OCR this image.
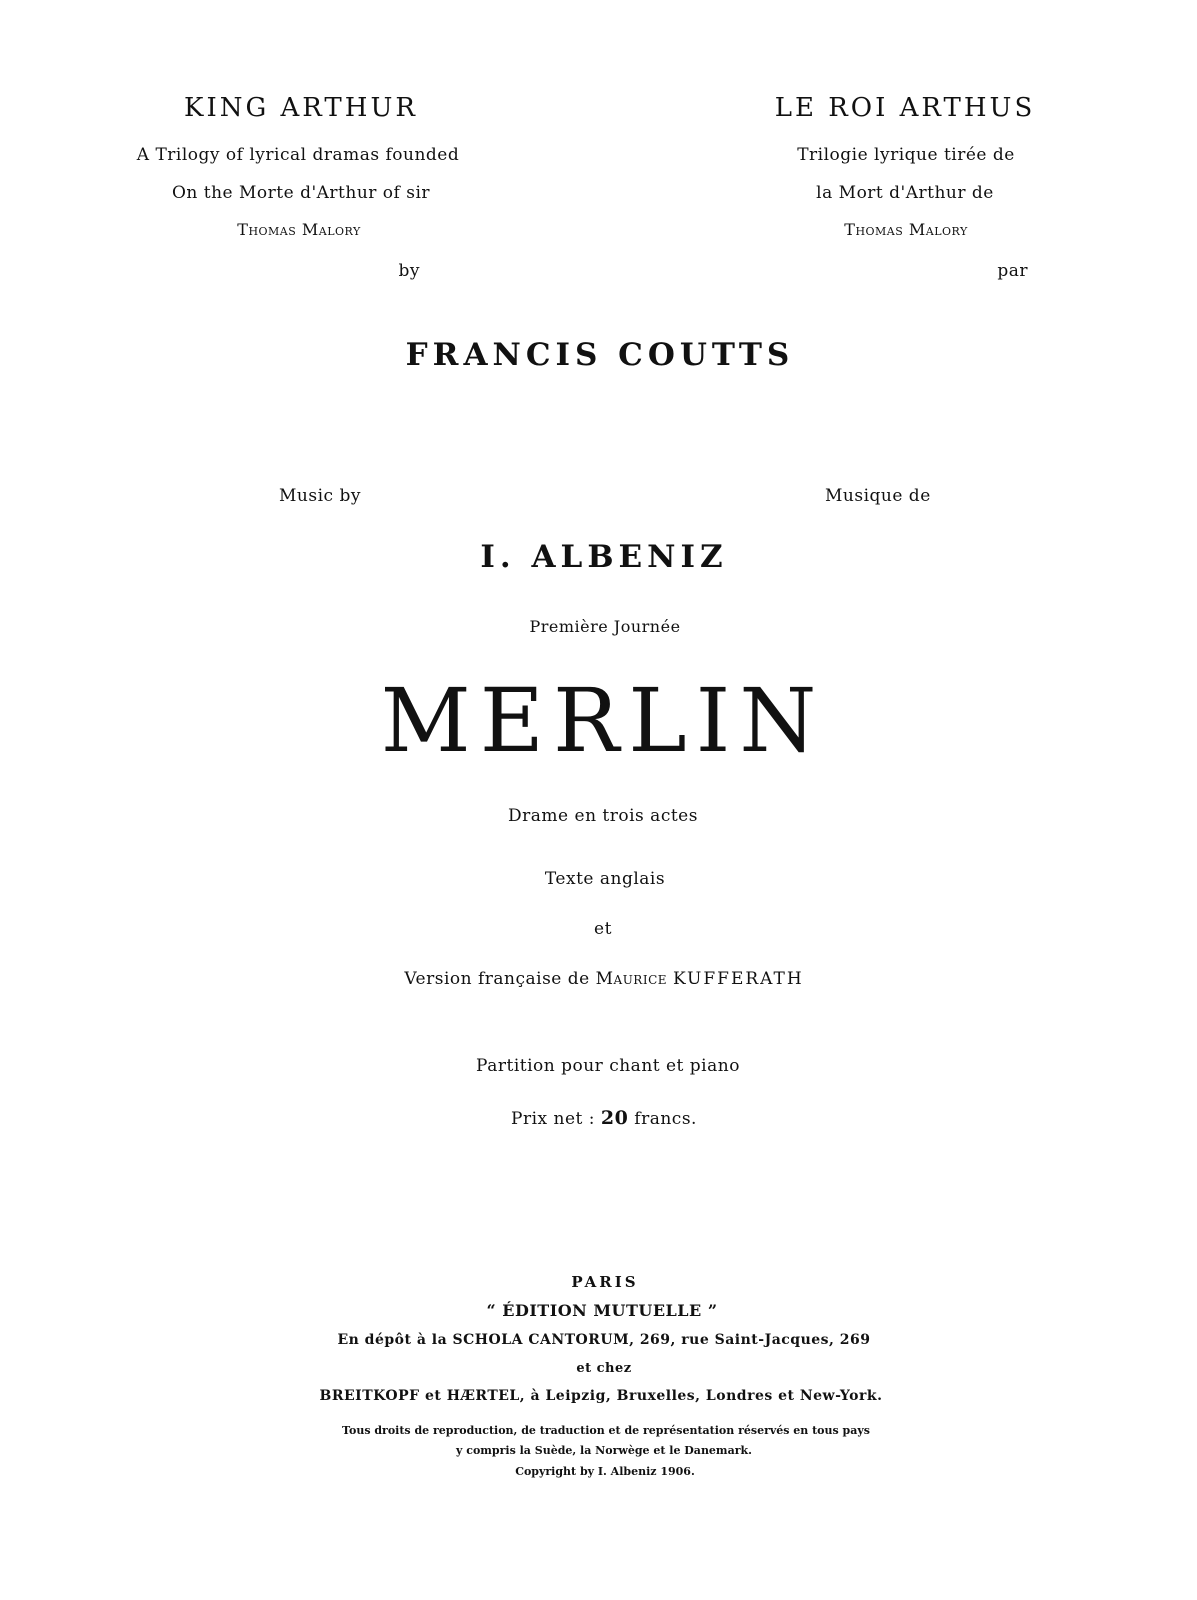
KING ARTHUR
A Trilogy of lyrical dramas founded
On the Morte d'Arthur of sir
Thomas Malory
by
LE ROI ARTHUS
Trilogie lyrique tirée de
la Mort d'Arthur de
Thomas Malory
par
FRANCIS COUTTS
Music by	Musique de
I. ALBENIZ
Première Journée
MERLIN
Drame en trois actes
Texte anglais
et
Version française de Maurice KUFFERATH
Partition pour chant et piano
Prix net : 20 francs.
PARIS
“ ÉDITION MUTUELLE ”
En dépôt à la SCHOLA CANTORUM, 269, rue Saint-Jacques, 269
et chez
BREITKOPF et HÆRTEL, à Leipzig, Bruxelles, Londres et New-York.
Tous droits de reproduction, de traduction et de représentation réservés en tous pays
y compris la Suède, la Norwège et le Danemark.
Copyright by I. Albeniz 1906.
